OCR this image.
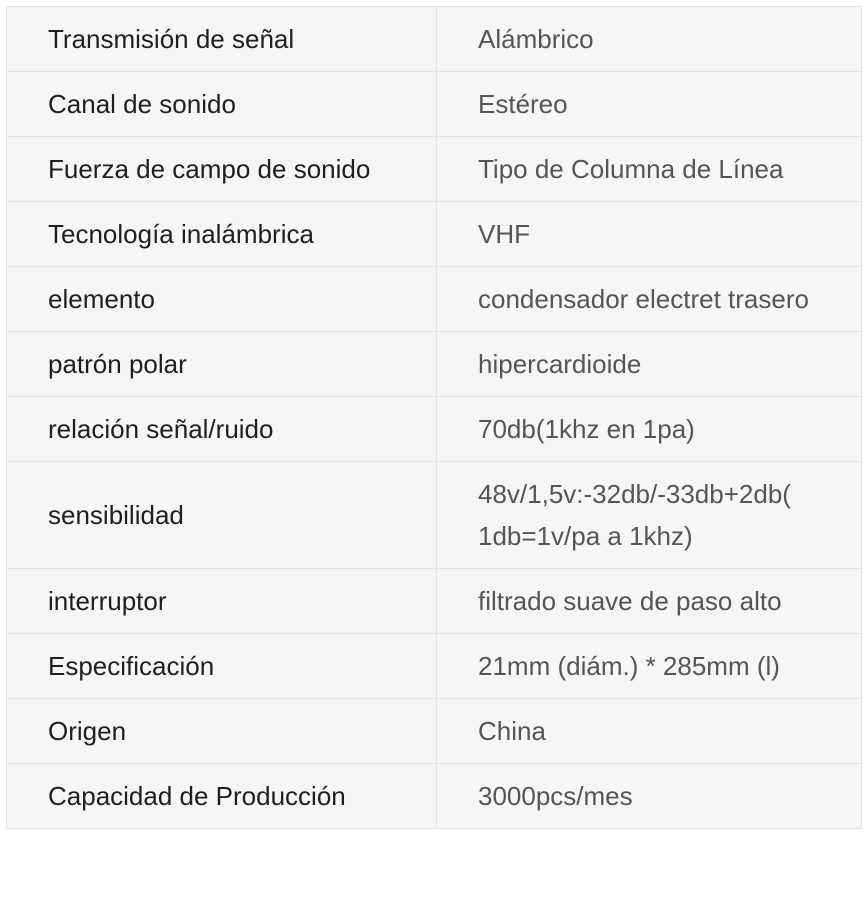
Transmisión de señal	Alámbrico
Canal de sonido	Estéreo
Fuerza de campo de sonido	Tipo de Columna de Línea
Tecnología inalámbrica	VHF
elemento	condensador electret trasero
patrón polar	hipercardioide
relación señal/ruido	70db(1khz en 1pa)
sensibilidad	48v/1,5v:-32db/-33db+2db( 1db=1v/pa a 1khz)
interruptor	filtrado suave de paso alto
Especificación	21mm (diám.) * 285mm (l)
Origen	China
Capacidad de Producción	3000pcs/mes
